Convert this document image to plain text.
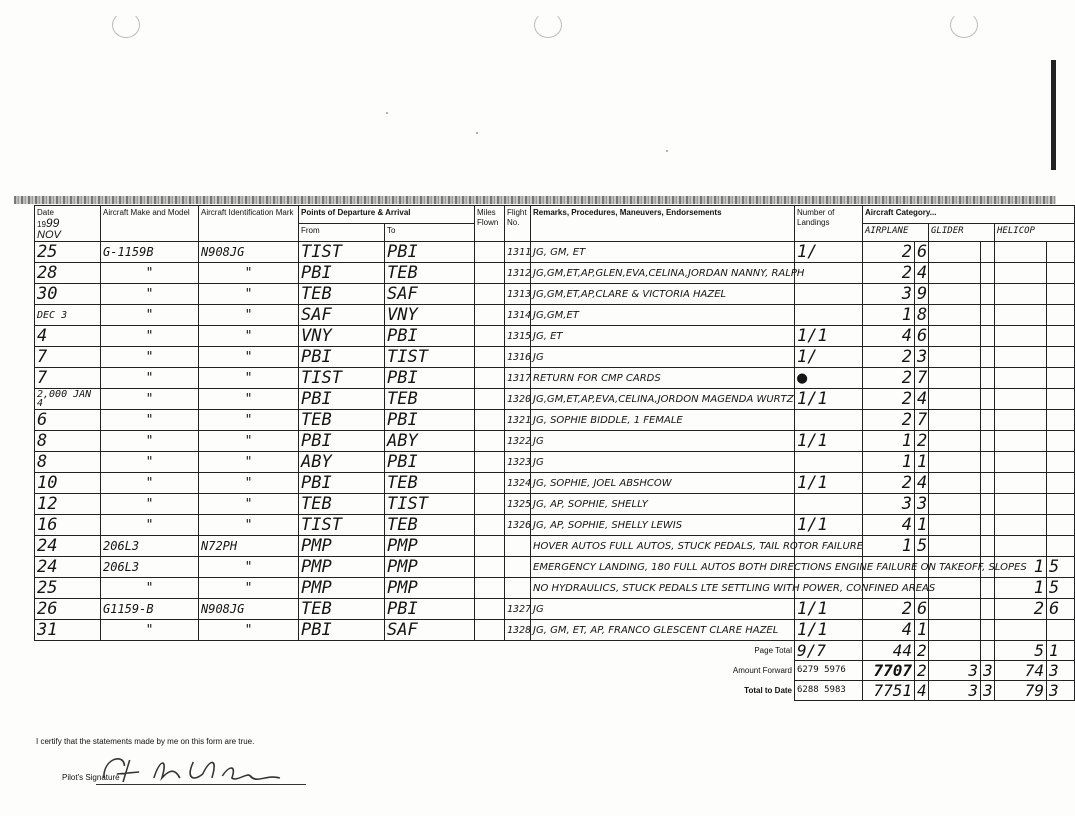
Date
1999
NOV	Aircraft Make and Model	Aircraft Identification Mark	Points of Departure & Arrival		Miles Flown	Flight No.	Remarks, Procedures, Maneuvers, Endorsements	Number of Landings	Aircraft Category...					
			From	To					AIRPLANE		GLIDER		HELICOP	
25	G-1159B	N908JG	TIST	PBI		1311	JG, GM, ET	1/	2	6				
28	"	"	PBI	TEB		1312	JG,GM,ET,AP,GLEN,EVA,CELINA,JORDAN NANNY, RALPH		2	4				
30	"	"	TEB	SAF		1313	JG,GM,ET,AP,CLARE & VICTORIA HAZEL		3	9				
DEC 3	"	"	SAF	VNY		1314	JG,GM,ET		1	8				
4	"	"	VNY	PBI		1315	JG, ET	1/1	4	6				
7	"	"	PBI	TIST		1316	JG	1/	2	3				
7	"	"	TIST	PBI		1317	RETURN FOR CMP CARDS	●	2	7				
2,000 JAN 4	"	"	PBI	TEB		1320	JG,GM,ET,AP,EVA,CELINA,JORDON MAGENDA WURTZ	1/1	2	4				
6	"	"	TEB	PBI		1321	JG, SOPHIE BIDDLE, 1 FEMALE		2	7				
8	"	"	PBI	ABY		1322	JG	1/1	1	2				
8	"	"	ABY	PBI		1323	JG		1	1				
10	"	"	PBI	TEB		1324	JG, SOPHIE, JOEL ABSHCOW	1/1	2	4				
12	"	"	TEB	TIST		1325	JG, AP, SOPHIE, SHELLY		3	3				
16	"	"	TIST	TEB		1326	JG, AP, SOPHIE, SHELLY LEWIS	1/1	4	1				
24	206L3	N72PH	PMP	PMP			HOVER AUTOS FULL AUTOS, STUCK PEDALS, TAIL ROTOR FAILURE		1	5				
24	206L3	"	PMP	PMP			EMERGENCY LANDING, 180 FULL AUTOS BOTH DIRECTIONS ENGINE FAILURE ON TAKEOFF, SLOPES						1	5
25	"	"	PMP	PMP			NO HYDRAULICS, STUCK PEDALS LTE SETTLING WITH POWER, CONFINED AREAS						1	5
26	G1159-B	N908JG	TEB	PBI		1327	JG	1/1	2	6			2	6
31	"	"	PBI	SAF		1328	JG, GM, ET, AP, FRANCO GLESCENT CLARE HAZEL	1/1	4	1				
							Page Total	9/7	44	2			5	1
							Amount Forward	6279 5976	7707	2	3	3	74	3
							Total to Date	6288 5983	7751	4	3	3	79	3
I certify that the statements made by me on this form are true.
Pilot's Signature
